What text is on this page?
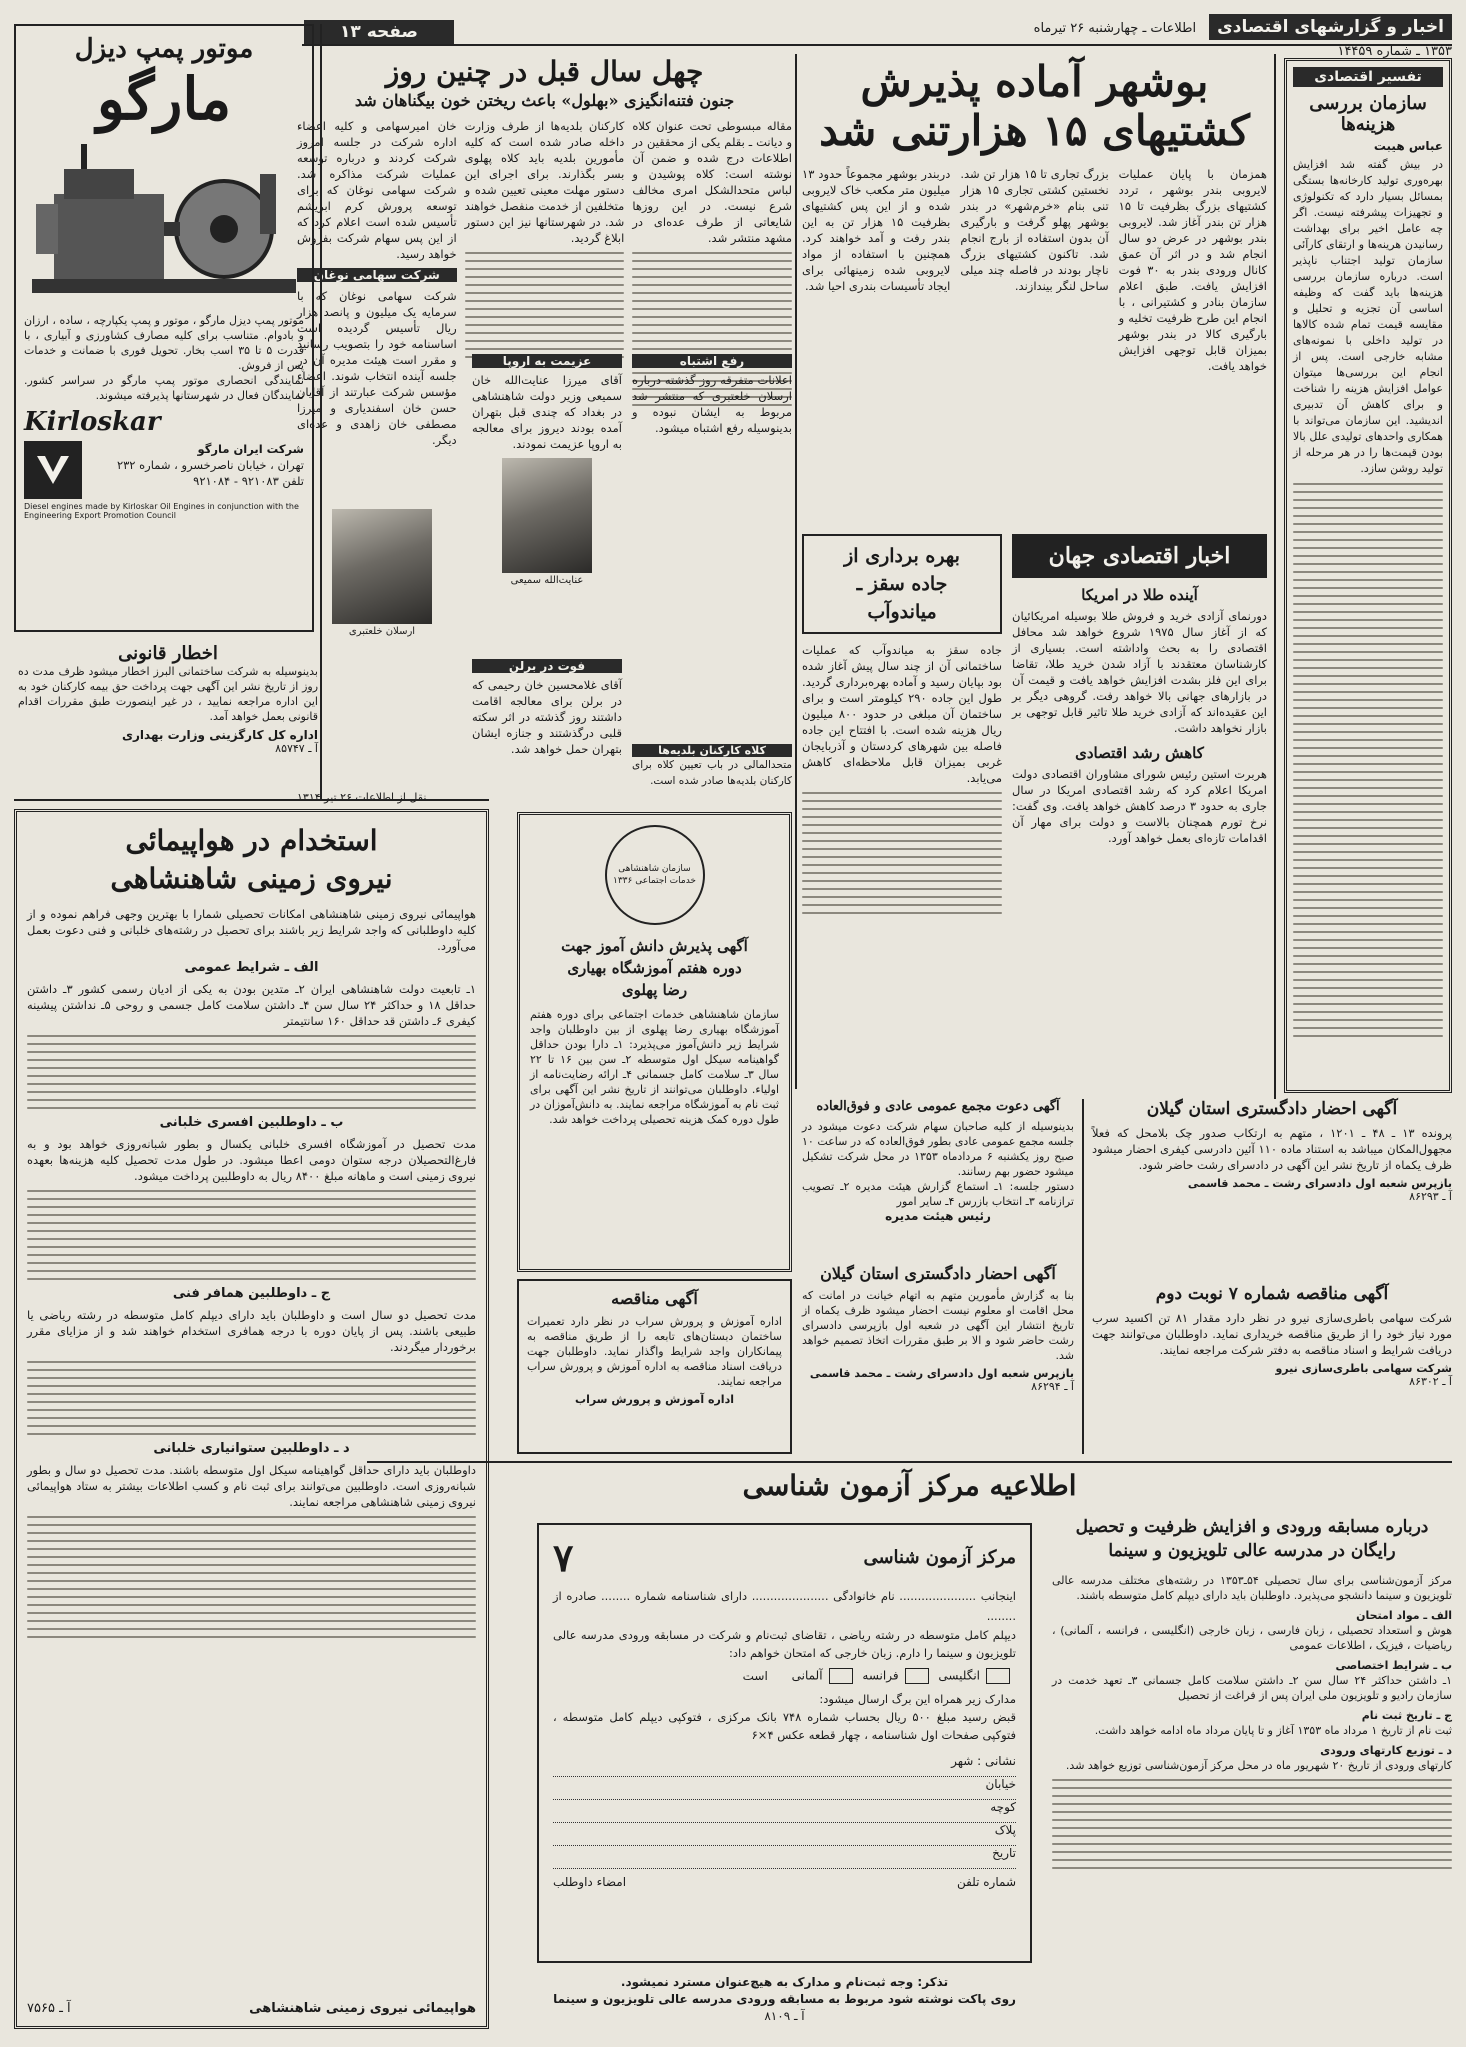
اخبار و گزارشهای اقتصادی اطلاعات ـ چهارشنبه ۲۶ تیرماه ۱۳۵۳ ـ شماره ۱۴۴۵۹
صفحه ۱۳
تفسیر اقتصادی
سازمان بررسی هزینه‌ها
عباس هیبت
در بیش گفته شد افزایش بهره‌وری تولید کارخانه‌ها بستگی بمسائل بسیار دارد که تکنولوژی و تجهیزات پیشرفته نیست. اگر چه عامل اخیر برای بهداشت رسانیدن هرینه‌ها و ارتقای کارآئی سازمان تولید اجتناب ناپذیر است. درباره سازمان بررسی هزینه‌ها باید گفت که وظیفه اساسی آن تجزیه و تحلیل و مقایسه قیمت تمام شده کالاها در تولید داخلی با نمونه‌های مشابه خارجی است. پس از انجام این بررسی‌ها میتوان عوامل افزایش هزینه را شناخت و برای کاهش آن تدبیری اندیشید. این سازمان می‌تواند با همکاری واحدهای تولیدی علل بالا بودن قیمت‌ها را در هر مرحله از تولید روشن سازد.
بوشهر آماده پذیرش
کشتیهای ۱۵ هزارتنی شد
همزمان با پایان عملیات لایروبی بندر بوشهر ، تردد کشتیهای بزرگ بظرفیت تا ۱۵ هزار تن بندر آغاز شد. لایروبی بندر بوشهر در عرض دو سال انجام شد و در اثر آن عمق کانال ورودی بندر به ۳۰ فوت افزایش یافت. طبق اعلام سازمان بنادر و کشتیرانی ، با انجام این طرح ظرفیت تخلیه و بارگیری کالا در بندر بوشهر بمیزان قابل توجهی افزایش خواهد یافت.
بزرگ تجاری تا ۱۵ هزار تن شد. نخستین کشتی تجاری ۱۵ هزار تنی بنام «خرم‌شهر» در بندر بوشهر پهلو گرفت و بارگیری آن بدون استفاده از بارج انجام شد. تاکنون کشتیهای بزرگ ناچار بودند در فاصله چند میلی ساحل لنگر بیندازند.
دربندر بوشهر مجموعاً حدود ۱۳ میلیون متر مکعب خاک لایروبی شده و از این پس کشتیهای بظرفیت ۱۵ هزار تن به این بندر رفت و آمد خواهند کرد. همچنین با استفاده از مواد لایروبی شده زمینهائی برای ایجاد تأسیسات بندری احیا شد.
اخبار اقتصادی جهان
آینده طلا در امریکا
دورنمای آزادی خرید و فروش طلا بوسیله امریکائیان که از آغاز سال ۱۹۷۵ شروع خواهد شد محافل اقتصادی را به بحث واداشته است. بسیاری از کارشناسان معتقدند با آزاد شدن خرید طلا، تقاضا برای این فلز بشدت افزایش خواهد یافت و قیمت آن در بازارهای جهانی بالا خواهد رفت. گروهی دیگر بر این عقیده‌اند که آزادی خرید طلا تاثیر قابل توجهی بر بازار نخواهد داشت.
کاهش رشد اقتصادی
هربرت استین رئیس شورای مشاوران اقتصادی دولت امریکا اعلام کرد که رشد اقتصادی امریکا در سال جاری به حدود ۳ درصد کاهش خواهد یافت. وی گفت: نرخ تورم همچنان بالاست و دولت برای مهار آن اقدامات تازه‌ای بعمل خواهد آورد.
بهره برداری از
جاده سقز ـ
میاندوآب
جاده سقز به میاندوآب که عملیات ساختمانی آن از چند سال پیش آغاز شده بود بپایان رسید و آماده بهره‌برداری گردید. طول این جاده ۲۹۰ کیلومتر است و برای ساختمان آن مبلغی در حدود ۸۰۰ میلیون ریال هزینه شده است. با افتتاح این جاده فاصله بین شهرهای کردستان و آذربایجان غربی بمیزان قابل ملاحظه‌ای کاهش می‌یابد.
آگهی احضار دادگستری استان گیلان
پرونده ۱۳ ـ ۴۸ ـ ۱۲۰۱ ، متهم به ارتکاب صدور چک بلامحل که فعلاً مجهول‌المکان میباشد به استناد ماده ۱۱۰ آئین دادرسی کیفری احضار میشود ظرف یکماه از تاریخ نشر این آگهی در دادسرای رشت حاضر شود.
بازپرس شعبه اول دادسرای رشت ـ محمد قاسمی
آ ـ ۸۶۲۹۳
آگهی مناقصه شماره ۷ نوبت دوم
شرکت سهامی باطری‌سازی نیرو در نظر دارد مقدار ۸۱ تن اکسید سرب مورد نیاز خود را از طریق مناقصه خریداری نماید. داوطلبان می‌توانند جهت دریافت شرایط و اسناد مناقصه به دفتر شرکت مراجعه نمایند.
شرکت سهامی باطری‌سازی نیرو
آ ـ ۸۶۳۰۲
آگهی دعوت مجمع عمومی عادی و فوق‌العاده
بدینوسیله از کلیه صاحبان سهام شرکت دعوت میشود در جلسه مجمع عمومی عادی بطور فوق‌العاده که در ساعت ۱۰ صبح روز یکشنبه ۶ مردادماه ۱۳۵۳ در محل شرکت تشکیل میشود حضور بهم رسانند.
دستور جلسه: ۱ـ استماع گزارش هیئت مدیره ۲ـ تصویب ترازنامه ۳ـ انتخاب بازرس ۴ـ سایر امور
رئیس هیئت مدیره
آگهی احضار دادگستری استان گیلان
بنا به گزارش مأمورین متهم به اتهام خیانت در امانت که محل اقامت او معلوم نیست احضار میشود ظرف یکماه از تاریخ انتشار این آگهی در شعبه اول بازپرسی دادسرای رشت حاضر شود و الا بر طبق مقررات اتخاذ تصمیم خواهد شد.
بازپرس شعبه اول دادسرای رشت ـ محمد قاسمی
آ ـ ۸۶۲۹۴
اطلاعیه مرکز آزمون شناسی
درباره مسابقه ورودی و افزایش ظرفیت و تحصیل رایگان در مدرسه عالی تلویزیون و سینما

مرکز آزمون‌شناسی برای سال تحصیلی ۵۴ـ۱۳۵۳ در رشته‌های مختلف مدرسه عالی تلویزیون و سینما دانشجو می‌پذیرد. داوطلبان باید دارای دیپلم کامل متوسطه باشند.

الف ـ مواد امتحان

هوش و استعداد تحصیلی ، زبان فارسی ، زبان خارجی (انگلیسی ، فرانسه ، آلمانی) ، ریاضیات ، فیزیک ، اطلاعات عمومی

ب ـ شرایط اختصاصی

۱ـ داشتن حداکثر ۲۴ سال سن ۲ـ داشتن سلامت کامل جسمانی ۳ـ تعهد خدمت در سازمان رادیو و تلویزیون ملی ایران پس از فراغت از تحصیل

ج ـ تاریخ ثبت نام

ثبت نام از تاریخ ۱ مرداد ماه ۱۳۵۳ آغاز و تا پایان مرداد ماه ادامه خواهد داشت.

د ـ توزیع کارتهای ورودی

کارتهای ورودی از تاریخ ۲۰ شهریور ماه در محل مرکز آزمون‌شناسی توزیع خواهد شد.

مرکز آزمون شناسی
۷
اینجانب ..................... نام خانوادگی ..................... دارای شناسنامه شماره ........ صادره از ........
دیپلم کامل متوسطه در رشته ریاضی ، تقاضای ثبت‌نام و شرکت در مسابقه ورودی مدرسه عالی تلویزیون و سینما را دارم. زبان خارجی که امتحان خواهم داد:
انگلیسی فرانسه آلمانی است
مدارک زیر همراه این برگ ارسال میشود:
قبض رسید مبلغ ۵۰۰ ریال بحساب شماره ۷۴۸ بانک مرکزی ، فتوکپی دیپلم کامل متوسطه ، فتوکپی صفحات اول شناسنامه ، چهار قطعه عکس ۴×۶
نشانی : شهر
خیابان
کوچه
پلاک
تاریخ
شماره تلفن
امضاء داوطلب
تذکر: وجه ثبت‌نام و مدارک به هیچ‌عنوان مسترد نمیشود.
روی پاکت نوشته شود مربوط به مسابقه ورودی مدرسه عالی تلویزیون و سینما
آ ـ ۸۱۰۹
چهل سال قبل در چنین روز
جنون فتنه‌انگیزی «بهلول» باعث ریختن خون بیگناهان شد
مقاله مبسوطی تحت عنوان کلاه و دیانت ـ بقلم یکی از محققین در اطلاعات درج شده و ضمن آن نوشته است: کلاه پوشیدن و لباس متحدالشکل امری مخالف شرع نیست. در این روزها شایعاتی از طرف عده‌ای در مشهد منتشر شد.
کارکنان بلدیه‌ها از طرف وزارت داخله صادر شده است که کلیه مأمورین بلدیه باید کلاه پهلوی بسر بگذارند. برای اجرای این دستور مهلت معینی تعیین شده و متخلفین از خدمت منفصل خواهند شد. در شهرستانها نیز این دستور ابلاغ گردید.
خان امیرسهامی و کلیه اعضاء اداره شرکت در جلسه امروز شرکت کردند و درباره توسعه عملیات شرکت مذاکره شد. شرکت سهامی نوغان که برای توسعه پرورش کرم ابریشم تأسیس شده است اعلام کرد که از این پس سهام شرکت بفروش خواهد رسید.
شرکت سهامی نوغان
شرکت سهامی نوغان که با سرمایه یک میلیون و پانصد هزار ریال تأسیس گردیده است اساسنامه خود را بتصویب رسانید و مقرر است هیئت مدیره آن در جلسه آینده انتخاب شوند. اعضاء مؤسس شرکت عبارتند از آقایان حسن خان اسفندیاری و میرزا مصطفی خان زاهدی و عده‌ای دیگر.
رفع اشتباه
اعلانات متفرقه روز گذشته درباره ارسلان خلعتبری که منتشر شد مربوط به ایشان نبوده و بدینوسیله رفع اشتباه میشود.
عزیمت به اروپا
آقای میرزا عنایت‌الله خان سمیعی وزیر دولت شاهنشاهی در بغداد که چندی قبل بتهران آمده بودند دیروز برای معالجه به اروپا عزیمت نمودند.
عنایت‌الله سمیعی
ارسلان خلعتبری
فوت در برلن
آقای غلامحسین خان رحیمی که در برلن برای معالجه اقامت داشتند روز گذشته در اثر سکته قلبی درگذشتند و جنازه ایشان بتهران حمل خواهد شد.	کلاه کارکنان بلدیه‌ها
متحدالمالی در باب تعیین کلاه برای کارکنان بلدیه‌ها صادر شده است.
نقل از اطلاعات ۲۶ تیر ۱۳۱۴
سازمان شاهنشاهی خدمات اجتماعی ۱۳۳۶
آگهی پذیرش دانش آموز جهت
دوره هفتم آموزشگاه بهیاری
رضا پهلوی
سازمان شاهنشاهی خدمات اجتماعی برای دوره هفتم آموزشگاه بهیاری رضا پهلوی از بین داوطلبان واجد شرایط زیر دانش‌آموز می‌پذیرد: ۱ـ دارا بودن حداقل گواهینامه سیکل اول متوسطه ۲ـ سن بین ۱۶ تا ۲۲ سال ۳ـ سلامت کامل جسمانی ۴ـ ارائه رضایت‌نامه از اولیاء. داوطلبان می‌توانند از تاریخ نشر این آگهی برای ثبت نام به آموزشگاه مراجعه نمایند. به دانش‌آموزان در طول دوره کمک هزینه تحصیلی پرداخت خواهد شد.
آگهی مناقصه
اداره آموزش و پرورش سراب در نظر دارد تعمیرات ساختمان دبستان‌های تابعه را از طریق مناقصه به پیمانکاران واجد شرایط واگذار نماید. داوطلبان جهت دریافت اسناد مناقصه به اداره آموزش و پرورش سراب مراجعه نمایند.
اداره آموزش و پرورش سراب
موتور پمپ دیزل
مارگو
موتور پمپ دیزل مارگو ، موتور و پمپ یکپارچه ، ساده ، ارزان و بادوام. متناسب برای کلیه مصارف کشاورزی و آبیاری ، با قدرت ۵ تا ۳۵ اسب بخار. تحویل فوری با ضمانت و خدمات پس از فروش.
نمایندگی انحصاری موتور پمپ مارگو در سراسر کشور. نمایندگان فعال در شهرستانها پذیرفته میشوند.
Kirloskar
شرکت ایران مارگو
تهران ، خیابان ناصرخسرو ، شماره ۲۳۲
تلفن ۹۲۱۰۸۳ - ۹۲۱۰۸۴
Diesel engines made by Kirloskar Oil Engines in conjunction with the Engineering Export Promotion Council
اخطار قانونی
بدینوسیله به شرکت ساختمانی البرز اخطار میشود ظرف مدت ده روز از تاریخ نشر این آگهی جهت پرداخت حق بیمه کارکنان خود به این اداره مراجعه نمایید ، در غیر اینصورت طبق مقررات اقدام قانونی بعمل خواهد آمد.
اداره کل کارگزینی وزارت بهداری
آ ـ ۸۵۷۴۷
استخدام در هواپیمائی
نیروی زمینی شاهنشاهی
هواپیمائی نیروی زمینی شاهنشاهی امکانات تحصیلی شمارا با بهترین وجهی فراهم نموده و از کلیه داوطلبانی که واجد شرایط زیر باشند برای تحصیل در رشته‌های خلبانی و فنی دعوت بعمل می‌آورد.
الف ـ شرایط عمومی
۱ـ تابعیت دولت شاهنشاهی ایران ۲ـ متدین بودن به یکی از ادیان رسمی کشور ۳ـ داشتن حداقل ۱۸ و حداکثر ۲۴ سال سن ۴ـ داشتن سلامت کامل جسمی و روحی ۵ـ نداشتن پیشینه کیفری ۶ـ داشتن قد حداقل ۱۶۰ سانتیمتر
ب ـ داوطلبین افسری خلبانی
مدت تحصیل در آموزشگاه افسری خلبانی یکسال و بطور شبانه‌روزی خواهد بود و به فارغ‌التحصیلان درجه ستوان دومی اعطا میشود. در طول مدت تحصیل کلیه هزینه‌ها بعهده نیروی زمینی است و ماهانه مبلغ ۸۴۰۰ ریال به داوطلبین پرداخت میشود.
ج ـ داوطلبین همافر فنی
مدت تحصیل دو سال است و داوطلبان باید دارای دیپلم کامل متوسطه در رشته ریاضی یا طبیعی باشند. پس از پایان دوره با درجه همافری استخدام خواهند شد و از مزایای مقرر برخوردار میگردند.
د ـ داوطلبین ستوانیاری خلبانی
داوطلبان باید دارای حداقل گواهینامه سیکل اول متوسطه باشند. مدت تحصیل دو سال و بطور شبانه‌روزی است. داوطلبین می‌توانند برای ثبت نام و کسب اطلاعات بیشتر به ستاد هواپیمائی نیروی زمینی شاهنشاهی مراجعه نمایند.
هواپیمائی نیروی زمینی شاهنشاهی
آ ـ ۷۵۶۵
